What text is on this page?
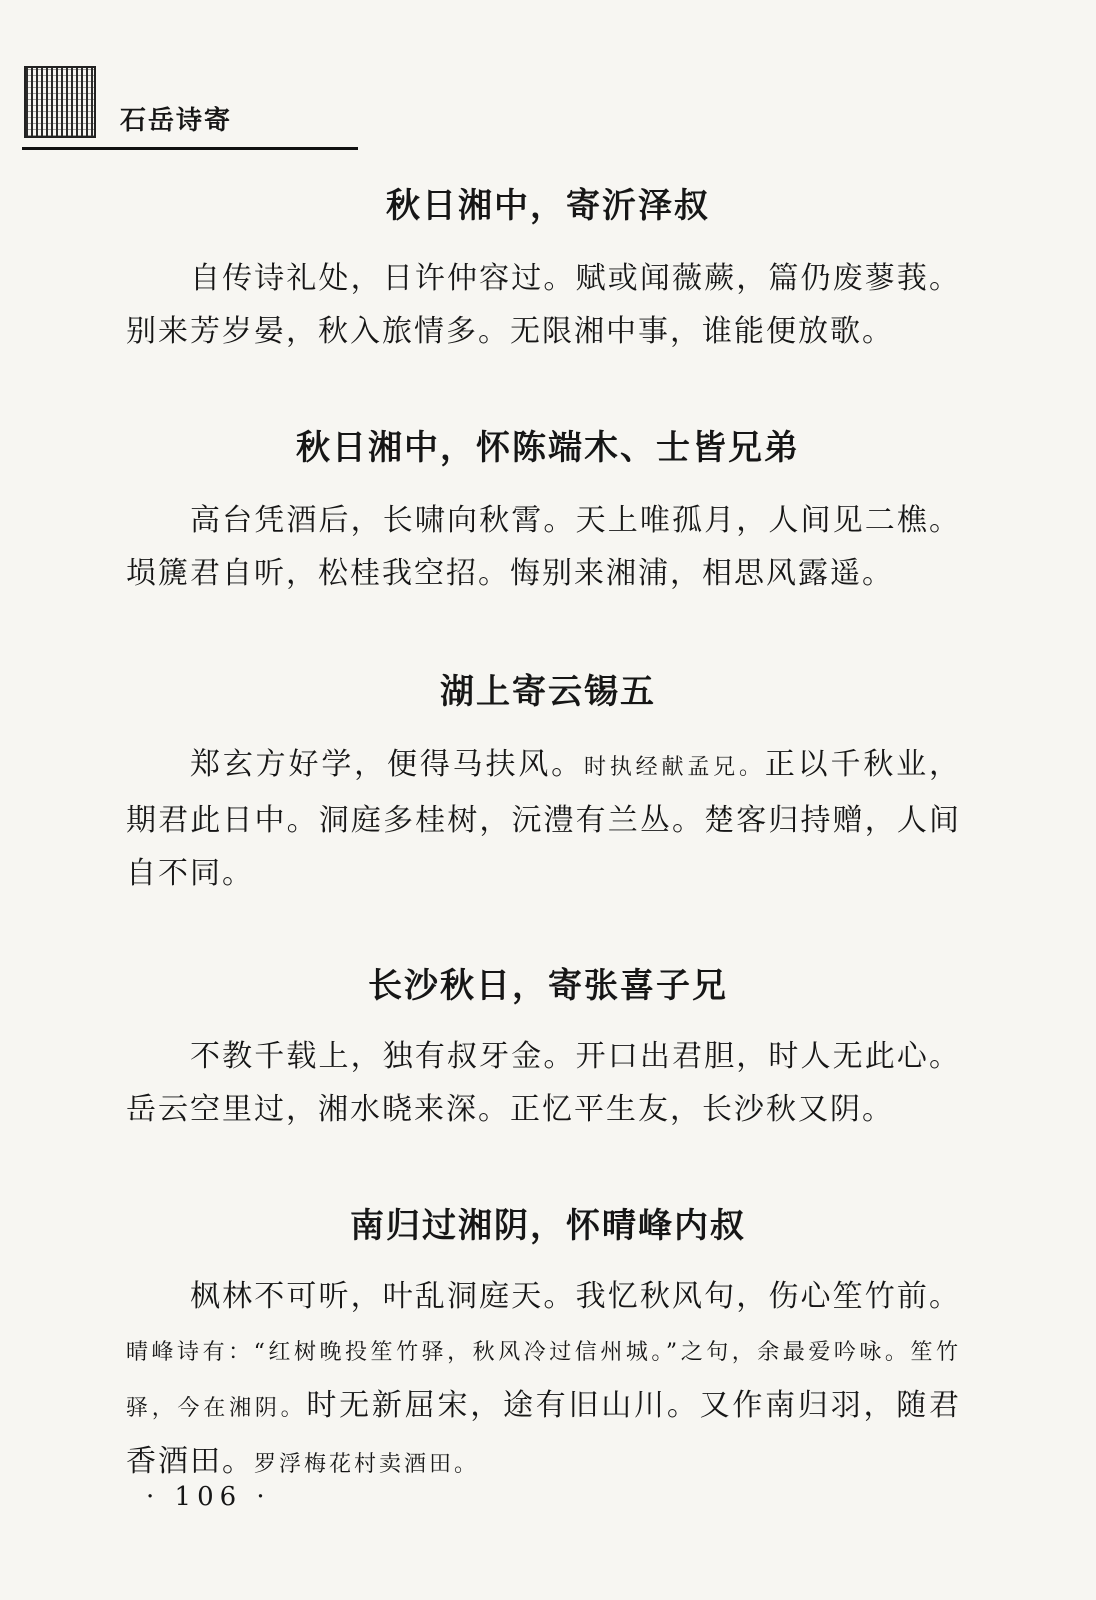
石岳诗寄
秋日湘中，寄沂泽叔

自传诗礼处，日许仲容过。赋或闻薇蕨，篇仍废蓼莪。别来芳岁晏，秋入旅情多。无限湘中事，谁能便放歌。

秋日湘中，怀陈端木、士皆兄弟

高台凭酒后，长啸向秋霄。天上唯孤月，人间见二樵。埙篪君自听，松桂我空招。悔别来湘浦，相思风露遥。

湖上寄云锡五

郑玄方好学，便得马扶风。时执经献孟兄。正以千秋业，期君此日中。洞庭多桂树，沅澧有兰丛。楚客归持赠，人间自不同。

长沙秋日，寄张喜子兄

不教千载上，独有叔牙金。开口出君胆，时人无此心。岳云空里过，湘水晓来深。正忆平生友，长沙秋又阴。

南归过湘阴，怀晴峰内叔

枫林不可听，叶乱洞庭天。我忆秋风句，伤心笙竹前。晴峰诗有：“红树晚投笙竹驿，秋风冷过信州城。”之句，余最爱吟咏。笙竹驿，今在湘阴。时无新屈宋，途有旧山川。又作南归羽，随君香酒田。罗浮梅花村卖酒田。

· 106 ·
